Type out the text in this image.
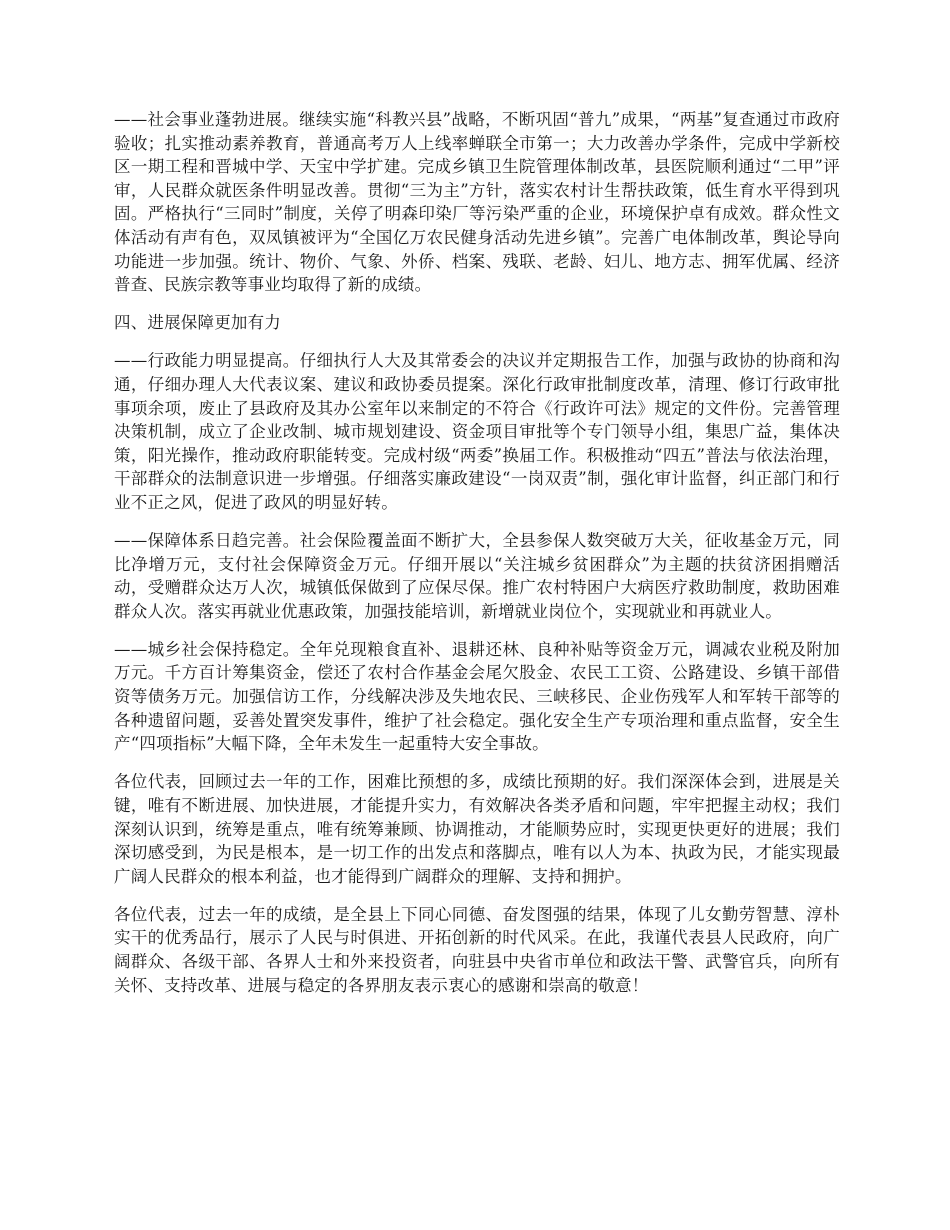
——社会事业蓬勃进展。继续实施“科教兴县”战略，不断巩固“普九”成果，“两基”复查通过市政府验收；扎实推动素养教育，普通高考万人上线率蝉联全市第一；大力改善办学条件，完成中学新校区一期工程和晋城中学、天宝中学扩建。完成乡镇卫生院管理体制改革，县医院顺利通过“二甲”评审，人民群众就医条件明显改善。贯彻“三为主”方针，落实农村计生帮扶政策，低生育水平得到巩固。严格执行“三同时”制度，关停了明森印染厂等污染严重的企业，环境保护卓有成效。群众性文体活动有声有色，双凤镇被评为“全国亿万农民健身活动先进乡镇”。完善广电体制改革，舆论导向功能进一步加强。统计、物价、气象、外侨、档案、残联、老龄、妇儿、地方志、拥军优属、经济普查、民族宗教等事业均取得了新的成绩。

四、进展保障更加有力

——行政能力明显提高。仔细执行人大及其常委会的决议并定期报告工作，加强与政协的协商和沟通，仔细办理人大代表议案、建议和政协委员提案。深化行政审批制度改革，清理、修订行政审批事项余项，废止了县政府及其办公室年以来制定的不符合《行政许可法》规定的文件份。完善管理决策机制，成立了企业改制、城市规划建设、资金项目审批等个专门领导小组，集思广益，集体决策，阳光操作，推动政府职能转变。完成村级“两委”换届工作。积极推动“四五”普法与依法治理，干部群众的法制意识进一步增强。仔细落实廉政建设“一岗双责”制，强化审计监督，纠正部门和行业不正之风，促进了政风的明显好转。

——保障体系日趋完善。社会保险覆盖面不断扩大，全县参保人数突破万大关，征收基金万元，同比净增万元，支付社会保障资金万元。仔细开展以“关注城乡贫困群众”为主题的扶贫济困捐赠活动，受赠群众达万人次，城镇低保做到了应保尽保。推广农村特困户大病医疗救助制度，救助困难群众人次。落实再就业优惠政策，加强技能培训，新增就业岗位个，实现就业和再就业人。

——城乡社会保持稳定。全年兑现粮食直补、退耕还林、良种补贴等资金万元，调减农业税及附加万元。千方百计筹集资金，偿还了农村合作基金会尾欠股金、农民工工资、公路建设、乡镇干部借资等债务万元。加强信访工作，分线解决涉及失地农民、三峡移民、企业伤残军人和军转干部等的各种遗留问题，妥善处置突发事件，维护了社会稳定。强化安全生产专项治理和重点监督，安全生产“四项指标”大幅下降，全年未发生一起重特大安全事故。

各位代表，回顾过去一年的工作，困难比预想的多，成绩比预期的好。我们深深体会到，进展是关键，唯有不断进展、加快进展，才能提升实力，有效解决各类矛盾和问题，牢牢把握主动权；我们深刻认识到，统筹是重点，唯有统筹兼顾、协调推动，才能顺势应时，实现更快更好的进展；我们深切感受到，为民是根本，是一切工作的出发点和落脚点，唯有以人为本、执政为民，才能实现最广阔人民群众的根本利益，也才能得到广阔群众的理解、支持和拥护。

各位代表，过去一年的成绩，是全县上下同心同德、奋发图强的结果，体现了儿女勤劳智慧、淳朴实干的优秀品行，展示了人民与时俱进、开拓创新的时代风采。在此，我谨代表县人民政府，向广阔群众、各级干部、各界人士和外来投资者，向驻县中央省市单位和政法干警、武警官兵，向所有关怀、支持改革、进展与稳定的各界朋友表示衷心的感谢和崇高的敬意！
